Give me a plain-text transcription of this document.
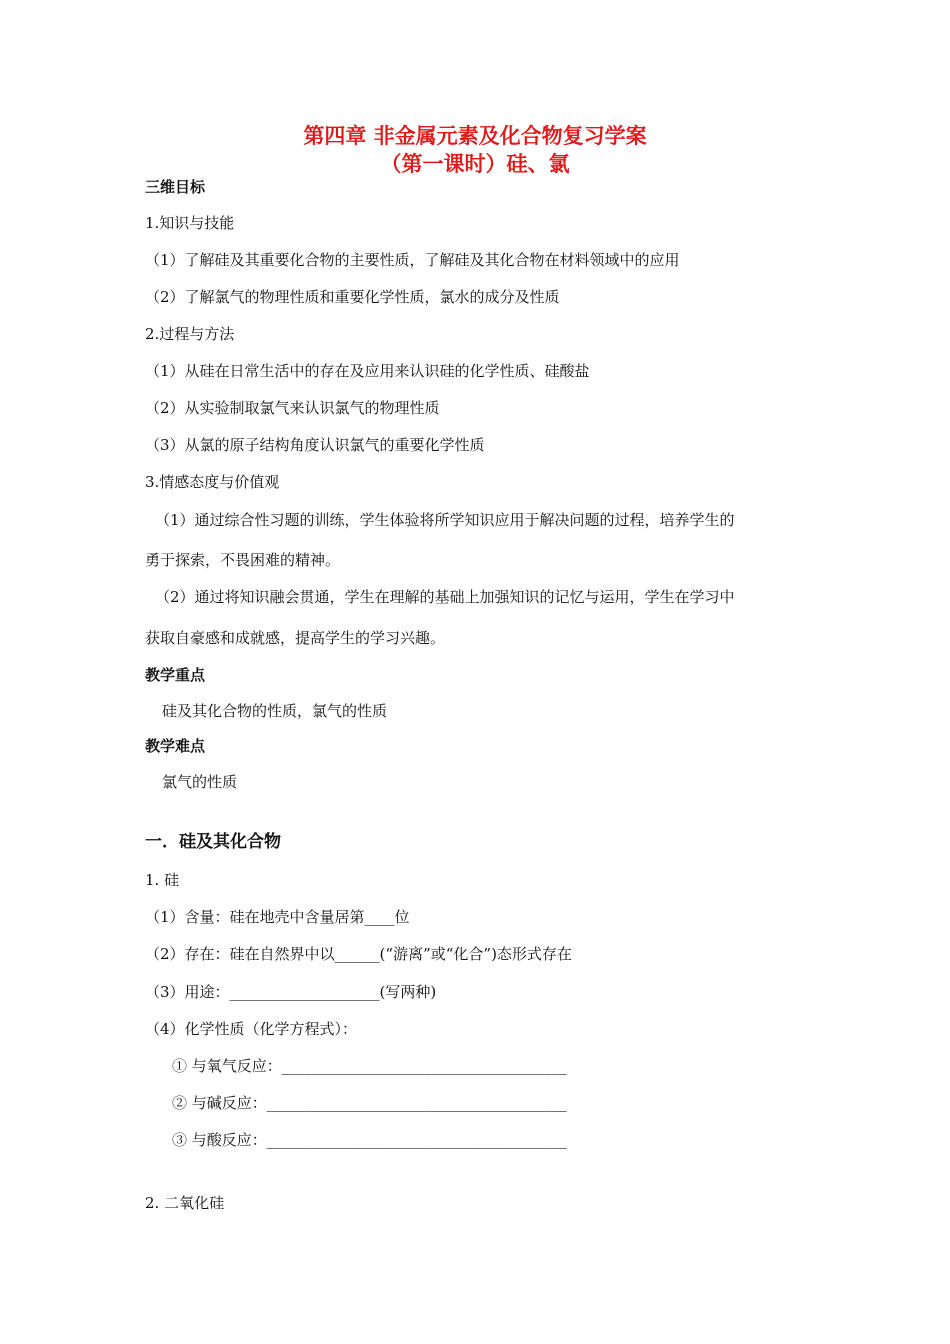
第四章 非金属元素及化合物复习学案
（第一课时）硅、氯
三维目标
1.知识与技能
（1）了解硅及其重要化合物的主要性质，了解硅及其化合物在材料领域中的应用
（2）了解氯气的物理性质和重要化学性质，氯水的成分及性质
2.过程与方法
（1）从硅在日常生活中的存在及应用来认识硅的化学性质、硅酸盐
（2）从实验制取氯气来认识氯气的物理性质
（3）从氯的原子结构角度认识氯气的重要化学性质
3.情感态度与价值观
（1）通过综合性习题的训练，学生体验将所学知识应用于解决问题的过程，培养学生的
勇于探索，不畏困难的精神。
（2）通过将知识融会贯通，学生在理解的基础上加强知识的记忆与运用，学生在学习中
获取自豪感和成就感，提高学生的学习兴趣。
教学重点
硅及其化合物的性质，氯气的性质
教学难点
氯气的性质
一．硅及其化合物
1. 硅
（1）含量：硅在地壳中含量居第____位
（2）存在：硅在自然界中以______(“游离”或“化合”)态形式存在
（3）用途：____________________(写两种)
（4）化学性质（化学方程式）：
① 与氧气反应：______________________________________
② 与碱反应：________________________________________
③ 与酸反应：________________________________________
2. 二氧化硅
